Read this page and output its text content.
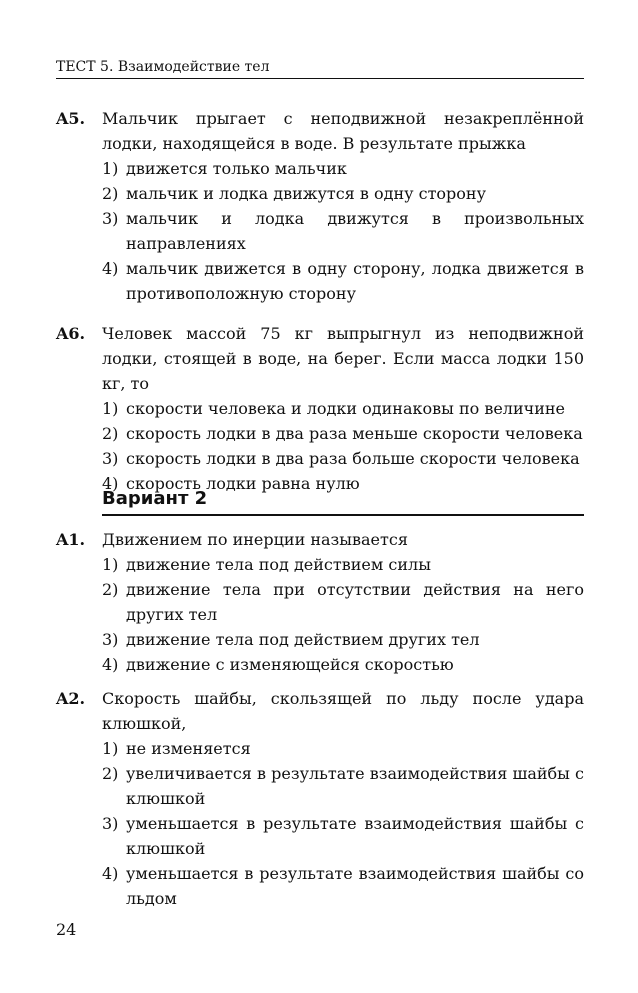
ТЕСТ 5. Взаимодействие тел
A5. Мальчик прыгает с неподвижной незакреплённой лодки, находящейся в воде. В результате прыжка
1) движется только мальчик
2) мальчик и лодка движутся в одну сторону
3) мальчик и лодка движутся в произвольных направлениях
4) мальчик движется в одну сторону, лодка движется в противоположную сторону
A6. Человек массой 75 кг выпрыгнул из неподвижной лодки, стоящей в воде, на берег. Если масса лодки 150 кг, то
1) скорости человека и лодки одинаковы по величине
2) скорость лодки в два раза меньше скорости человека
3) скорость лодки в два раза больше скорости человека
4) скорость лодки равна нулю
Вариант 2
A1. Движением по инерции называется
1) движение тела под действием силы
2) движение тела при отсутствии действия на него других тел
3) движение тела под действием других тел
4) движение с изменяющейся скоростью
A2. Скорость шайбы, скользящей по льду после удара клюшкой,
1) не изменяется
2) увеличивается в результате взаимодействия шайбы с клюшкой
3) уменьшается в результате взаимодействия шайбы с клюшкой
4) уменьшается в результате взаимодействия шайбы со льдом
24
